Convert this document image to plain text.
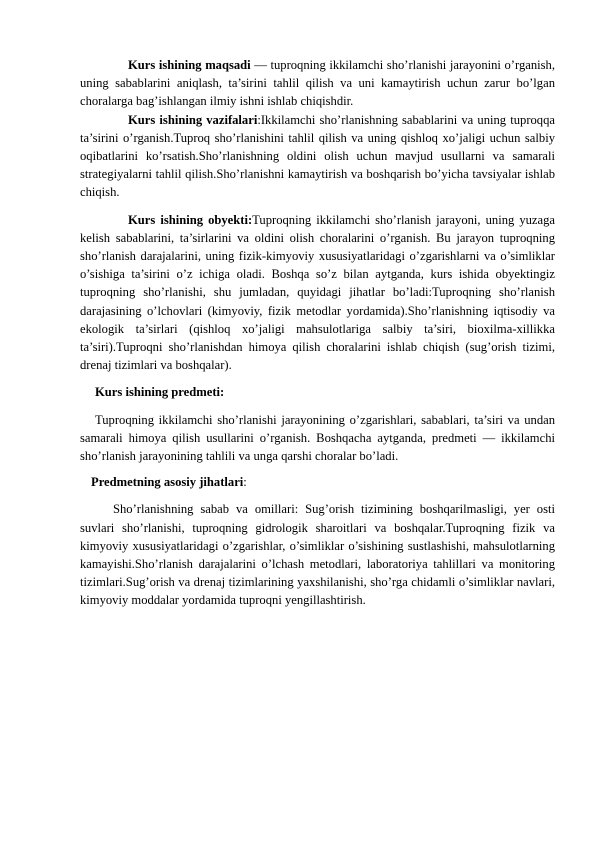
Kurs ishining maqsadi — tuproqning ikkilamchi sho’rlanishi jarayonini o’rganish, uning sabablarini aniqlash, ta’sirini tahlil qilish va uni kamaytirish uchun zarur bo’lgan choralarga bag’ishlangan ilmiy ishni ishlab chiqishdir.

Kurs ishining vazifalari:Ikkilamchi sho’rlanishning sabablarini va uning tuproqqa ta’sirini o’rganish.Tuproq sho’rlanishini tahlil qilish va uning qishloq xo’jaligi uchun salbiy oqibatlarini ko’rsatish.Sho’rlanishning oldini olish uchun mavjud usullarni va samarali strategiyalarni tahlil qilish.Sho’rlanishni kamaytirish va boshqarish bo’yicha tavsiyalar ishlab chiqish.

Kurs ishining obyekti:Tuproqning ikkilamchi sho’rlanish jarayoni, uning yuzaga kelish sabablarini, ta’sirlarini va oldini olish choralarini o’rganish. Bu jarayon tuproqning sho’rlanish darajalarini, uning fizik-kimyoviy xususiyatlaridagi o’zgarishlarni va o’simliklar o’sishiga ta’sirini o’z ichiga oladi. Boshqa so’z bilan aytganda, kurs ishida obyektingiz tuproqning sho’rlanishi, shu jumladan, quyidagi jihatlar bo’ladi:Tuproqning sho’rlanish darajasining o’lchovlari (kimyoviy, fizik metodlar yordamida).Sho’rlanishning iqtisodiy va ekologik ta’sirlari (qishloq xo’jaligi mahsulotlariga salbiy ta’siri, bioxilma-xillikka ta’siri).Tuproqni sho’rlanishdan himoya qilish choralarini ishlab chiqish (sug’orish tizimi, drenaj tizimlari va boshqalar).

Kurs ishining predmeti:

Tuproqning ikkilamchi sho’rlanishi jarayonining o’zgarishlari, sabablari, ta’siri va undan samarali himoya qilish usullarini o’rganish. Boshqacha aytganda, predmeti — ikkilamchi sho’rlanish jarayonining tahlili va unga qarshi choralar bo’ladi.

Predmetning asosiy jihatlari:

Sho’rlanishning sabab va omillari: Sug’orish tizimining boshqarilmasligi, yer osti suvlari sho’rlanishi, tuproqning gidrologik sharoitlari va boshqalar.Tuproqning fizik va kimyoviy xususiyatlaridagi o’zgarishlar, o’simliklar o’sishining sustlashishi, mahsulotlarning kamayishi.Sho’rlanish darajalarini o’lchash metodlari, laboratoriya tahlillari va monitoring tizimlari.Sug’orish va drenaj tizimlarining yaxshilanishi, sho’rga chidamli o’simliklar navlari, kimyoviy moddalar yordamida tuproqni yengillashtirish.
